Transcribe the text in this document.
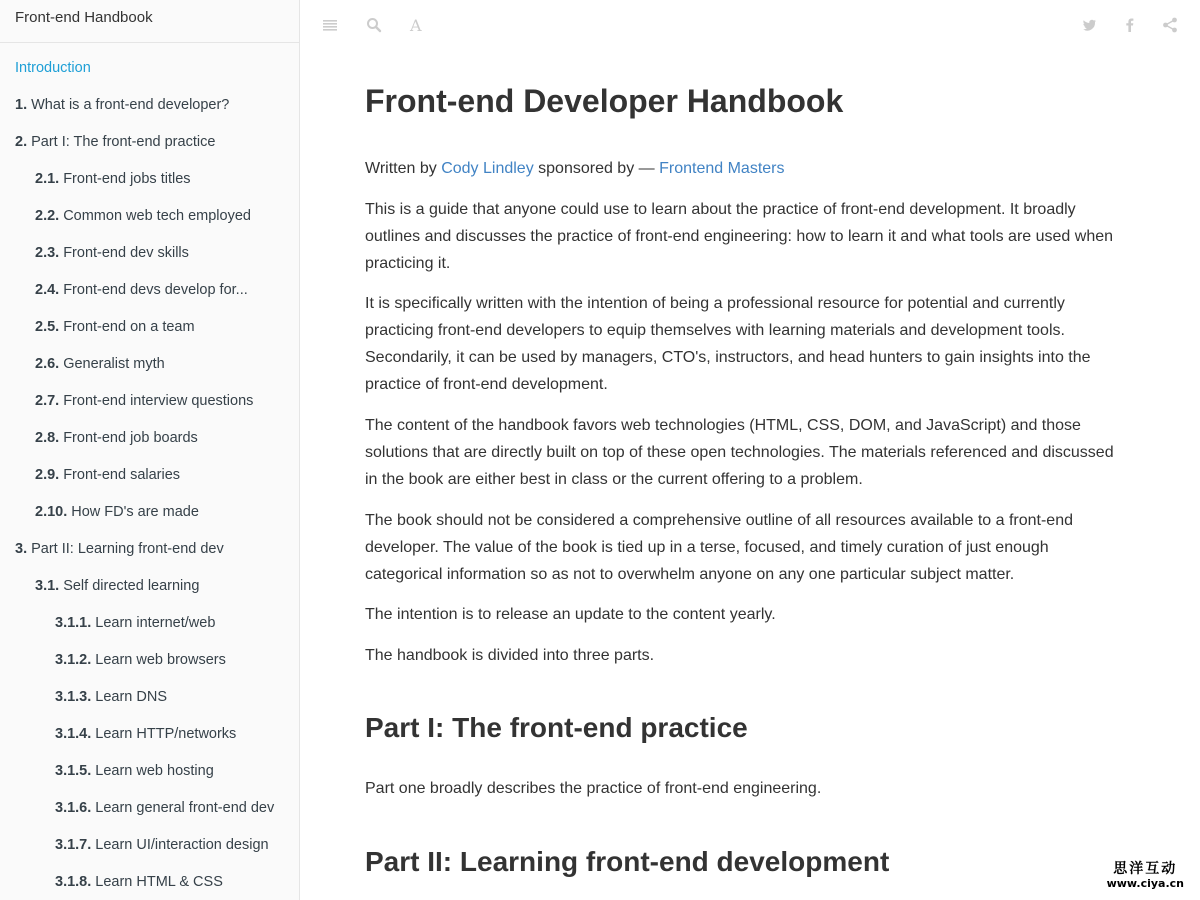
Front-end Handbook
Introduction
1. What is a front-end developer?
2. Part I: The front-end practice
2.1. Front-end jobs titles
2.2. Common web tech employed
2.3. Front-end dev skills
2.4. Front-end devs develop for...
2.5. Front-end on a team
2.6. Generalist myth
2.7. Front-end interview questions
2.8. Front-end job boards
2.9. Front-end salaries
2.10. How FD's are made
3. Part II: Learning front-end dev
3.1. Self directed learning
3.1.1. Learn internet/web
3.1.2. Learn web browsers
3.1.3. Learn DNS
3.1.4. Learn HTTP/networks
3.1.5. Learn web hosting
3.1.6. Learn general front-end dev
3.1.7. Learn UI/interaction design
3.1.8. Learn HTML & CSS
A
Front-end Developer Handbook

Written by Cody Lindley sponsored by — Frontend Masters

This is a guide that anyone could use to learn about the practice of front-end development. It broadly outlines and discusses the practice of front-end engineering: how to learn it and what tools are used when practicing it.

It is specifically written with the intention of being a professional resource for potential and currently practicing front-end developers to equip themselves with learning materials and development tools. Secondarily, it can be used by managers, CTO's, instructors, and head hunters to gain insights into the practice of front-end development.

The content of the handbook favors web technologies (HTML, CSS, DOM, and JavaScript) and those solutions that are directly built on top of these open technologies. The materials referenced and discussed in the book are either best in class or the current offering to a problem.

The book should not be considered a comprehensive outline of all resources available to a front-end developer. The value of the book is tied up in a terse, focused, and timely curation of just enough categorical information so as not to overwhelm anyone on any one particular subject matter.

The intention is to release an update to the content yearly.

The handbook is divided into three parts.

Part I: The front-end practice

Part one broadly describes the practice of front-end engineering.

Part II: Learning front-end development	思洋互动
www.ciya.cn
